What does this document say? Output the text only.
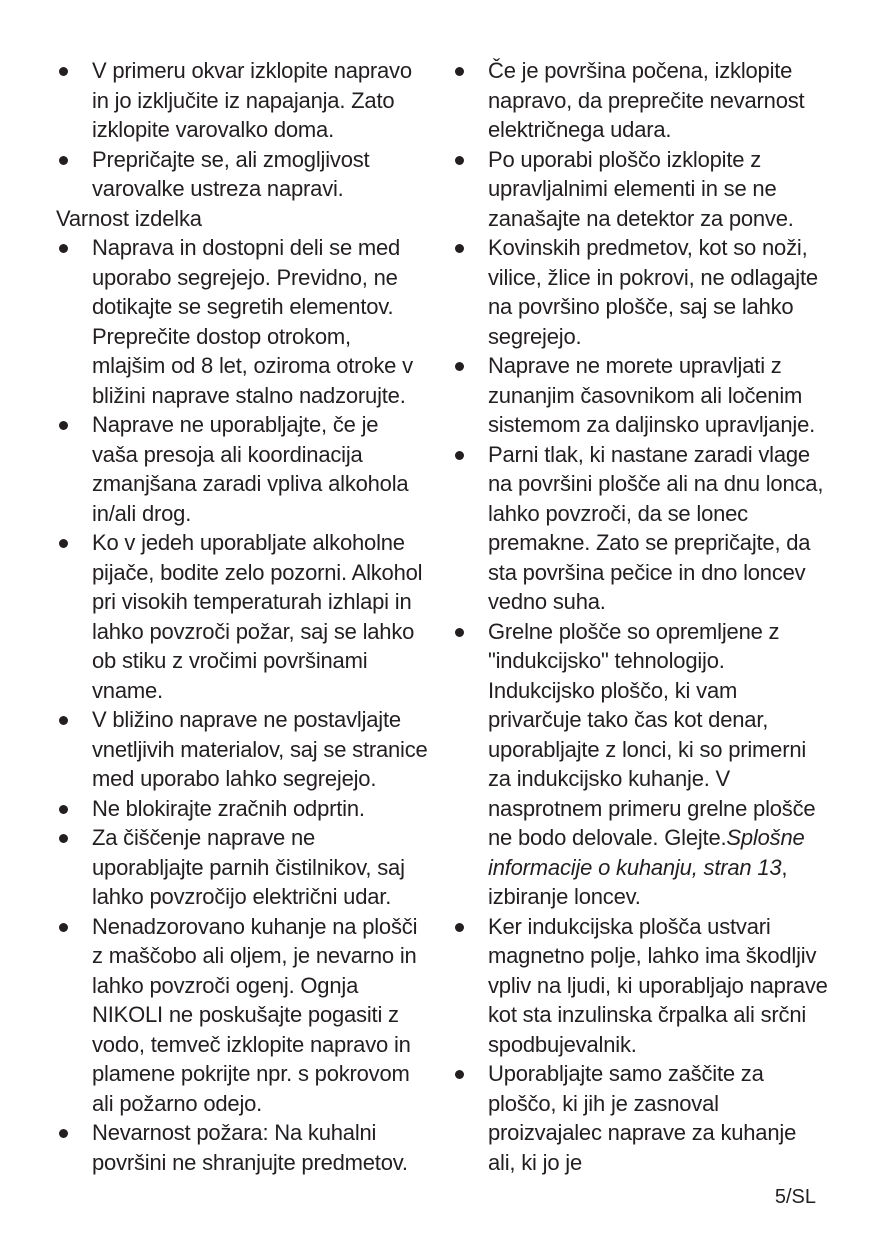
V primeru okvar izklopite napravo in jo izključite iz napajanja. Zato izklopite varovalko doma.
Prepričajte se, ali zmogljivost varovalke ustreza napravi.
Varnost izdelka
Naprava in dostopni deli se med uporabo segrejejo. Previdno, ne dotikajte se segretih elementov. Preprečite dostop otrokom, mlajšim od 8 let, oziroma otroke v bližini naprave stalno nadzorujte.
Naprave ne uporabljajte, če je vaša presoja ali koordinacija zmanjšana zaradi vpliva alkohola in/ali drog.
Ko v jedeh uporabljate alkoholne pijače, bodite zelo pozorni. Alkohol pri visokih temperaturah izhlapi in lahko povzroči požar, saj se lahko ob stiku z vročimi površinami vname.
V bližino naprave ne postavljajte vnetljivih materialov, saj se stranice med uporabo lahko segrejejo.
Ne blokirajte zračnih odprtin.
Za čiščenje naprave ne uporabljajte parnih čistilnikov, saj lahko povzročijo električni udar.
Nenadzorovano kuhanje na plošči z maščobo ali oljem, je nevarno in lahko povzroči ogenj. Ognja NIKOLI ne poskušajte pogasiti z vodo, temveč izklopite napravo in plamene pokrijte npr. s pokrovom ali požarno odejo.
Nevarnost požara: Na kuhalni površini ne shranjujte predmetov.
Če je površina počena, izklopite napravo, da preprečite nevarnost električnega udara.
Po uporabi ploščo izklopite z upravljalnimi elementi in se ne zanašajte na detektor za ponve.
Kovinskih predmetov, kot so noži, vilice, žlice in pokrovi, ne odlagajte na površino plošče, saj se lahko segrejejo.
Naprave ne morete upravljati z zunanjim časovnikom ali ločenim sistemom za daljinsko upravljanje.
Parni tlak, ki nastane zaradi vlage na površini plošče ali na dnu lonca, lahko povzroči, da se lonec premakne. Zato se prepričajte, da sta površina pečice in dno loncev vedno suha.
Grelne plošče so opremljene z "indukcijsko" tehnologijo. Indukcijsko ploščo, ki vam privarčuje tako čas kot denar, uporabljajte z lonci, ki so primerni za indukcijsko kuhanje. V nasprotnem primeru grelne plošče ne bodo delovale. Glejte.Splošne informacije o kuhanju, stran 13, izbiranje loncev.
Ker indukcijska plošča ustvari magnetno polje, lahko ima škodljiv vpliv na ljudi, ki uporabljajo naprave kot sta inzulinska črpalka ali srčni spodbujevalnik.
Uporabljajte samo zaščite za ploščo, ki jih je zasnoval proizvajalec naprave za kuhanje ali, ki jo je
5/SL
